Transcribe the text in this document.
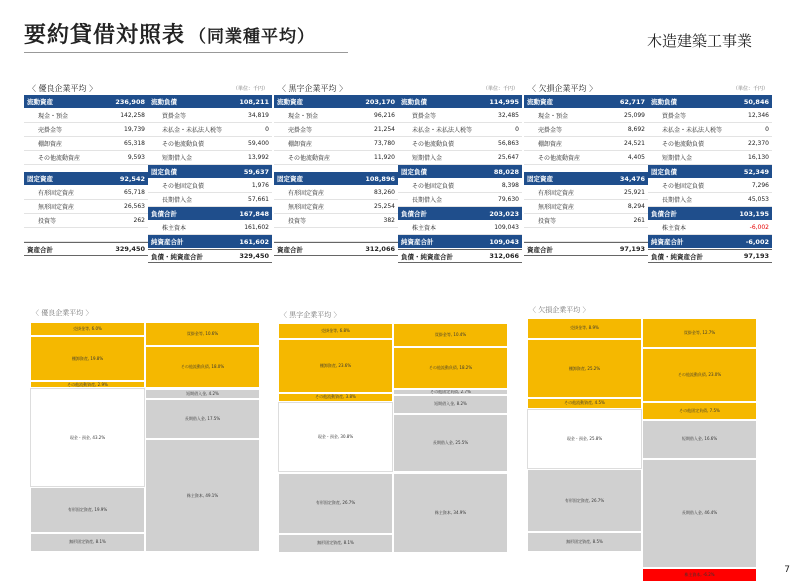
要約貸借対照表 （同業種平均）	木造建築工事業
7
〈 優良企業平均 〉	（単位：千円）
流動資産	236,908
現金・預金	142,258
売掛金等	19,739
棚卸資産	65,318
その他流動資産	9,593
固定資産	92,542
有形固定資産	65,718
無形固定資産	26,563
投資等	262
資産合計	329,450
流動負債	108,211
買掛金等	34,819
未払金・未払法人税等	0
その他流動負債	59,400
短期借入金	13,992
固定負債	59,637
その他固定負債	1,976
長期借入金	57,661
負債合計	167,848
株主資本	161,602
純資産合計	161,602
負債・純資産合計	329,450
〈 黒字企業平均 〉	（単位：千円）
流動資産	203,170
現金・預金	96,216
売掛金等	21,254
棚卸資産	73,780
その他流動資産	11,920
固定資産	108,896
有形固定資産	83,260
無形固定資産	25,254
投資等	382
資産合計	312,066
流動負債	114,995
買掛金等	32,485
未払金・未払法人税等	0
その他流動負債	56,863
短期借入金	25,647
固定負債	88,028
その他固定負債	8,398
長期借入金	79,630
負債合計	203,023
株主資本	109,043
純資産合計	109,043
負債・純資産合計	312,066
〈 欠損企業平均 〉	（単位：千円）
流動資産	62,717
現金・預金	25,099
売掛金等	8,692
棚卸資産	24,521
その他流動資産	4,405
固定資産	34,476
有形固定資産	25,921
無形固定資産	8,294
投資等	261
資産合計	97,193
流動負債	50,846
買掛金等	12,346
未払金・未払法人税等	0
その他流動負債	22,370
短期借入金	16,130
固定負債	52,349
その他固定負債	7,296
長期借入金	45,053
負債合計	103,195
株主資本	-6,002
純資産合計	-6,002
負債・純資産合計	97,193
〈 優良企業平均 〉
売掛金等, 6.0%
棚卸資産, 19.8%
その他流動資産, 2.9%
現金・預金, 43.2%
有形固定資産, 19.9%
無形固定資産, 8.1%
投資等, 0.1%
買掛金等, 10.6%
その他流動負債, 18.0%
短期借入金, 4.2%
長期借入金, 17.5%
株主資本, 49.1%
〈 黒字企業平均 〉
売掛金等, 6.8%
棚卸資産, 23.6%
その他流動資産, 3.8%
現金・預金, 30.8%
有形固定資産, 26.7%
無形固定資産, 8.1%
投資等, 0.1%
買掛金等, 10.4%
その他流動負債, 18.2%
その他固定負債, 2.7%
短期借入金, 8.2%
長期借入金, 25.5%
株主資本, 34.9%
〈 欠損企業平均 〉
売掛金等, 8.9%
棚卸資産, 25.2%
その他流動資産, 4.5%
現金・預金, 25.8%
有形固定資産, 26.7%
無形固定資産, 8.5%
投資等, 0.3%
買掛金等, 12.7%
その他流動負債, 23.0%
その他固定負債, 7.5%
短期借入金, 16.6%
長期借入金, 46.4%
株主資本, -6.2%
